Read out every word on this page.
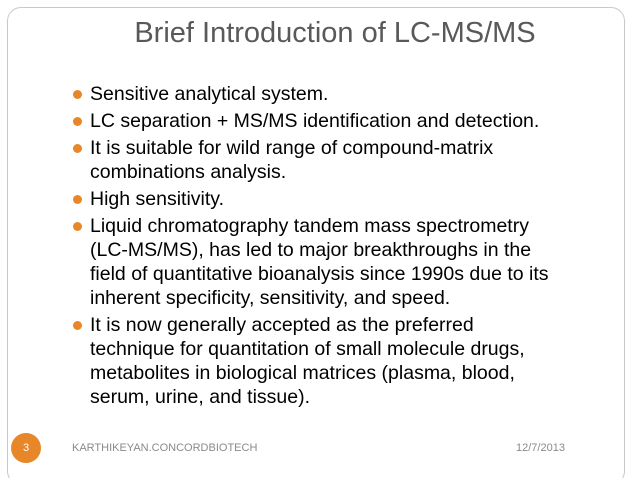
Brief Introduction of LC-MS/MS
Sensitive analytical system.
LC separation + MS/MS identification and detection.
It is suitable for wild range of compound-matrix combinations analysis.
High sensitivity.
Liquid chromatography tandem mass spectrometry (LC-MS/MS), has led to major breakthroughs in the field of quantitative bioanalysis since 1990s due to its inherent specificity, sensitivity, and speed.
It is now generally accepted as the preferred technique for quantitation of small molecule drugs, metabolites in biological matrices (plasma, blood, serum, urine, and tissue).
KARTHIKEYAN.CONCORDBIOTECH	12/7/2013
3
